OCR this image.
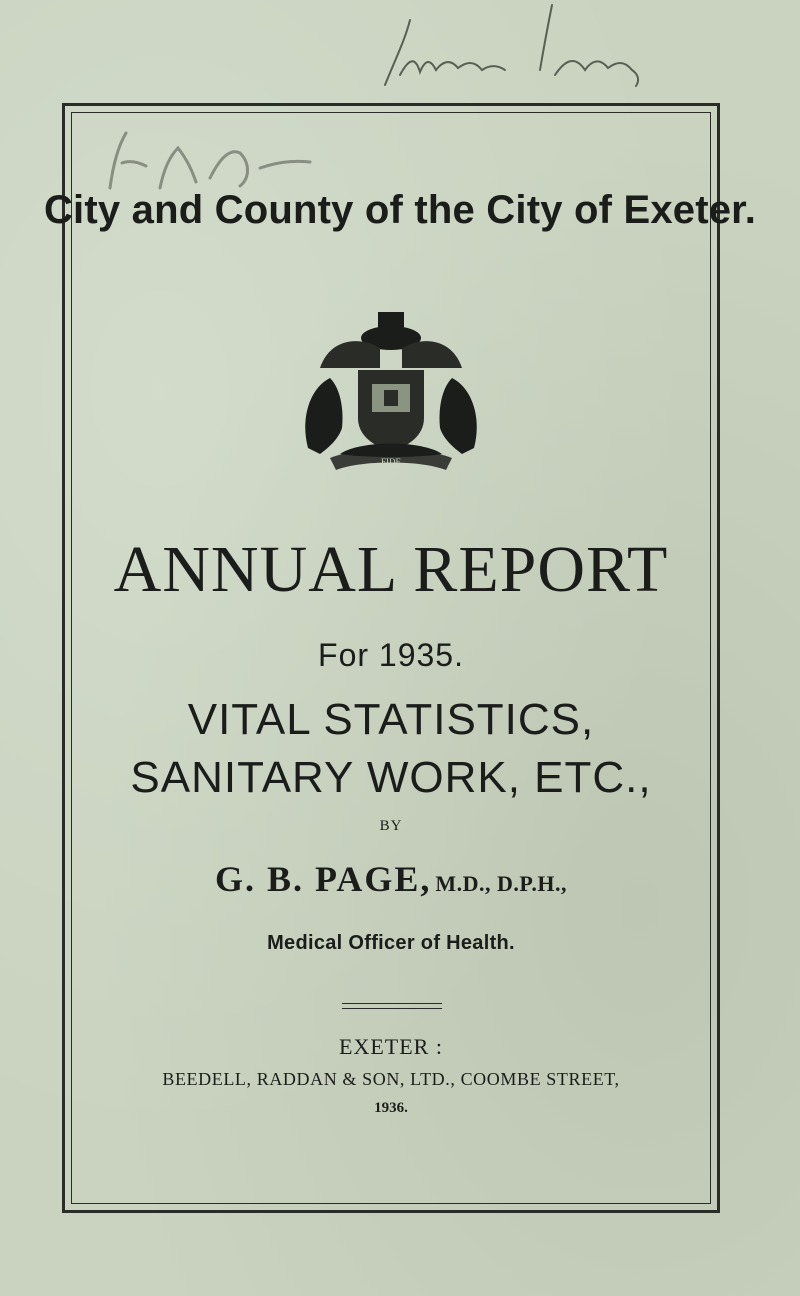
City and County of the City of Exeter.
FIDE
ANNUAL REPORT
For 1935.
VITAL STATISTICS,
SANITARY WORK, ETC.,
BY
G. B. PAGE, M.D., D.P.H.,
Medical Officer of Health.
EXETER :
BEEDELL, RADDAN & SON, LTD., COOMBE STREET,
1936.
